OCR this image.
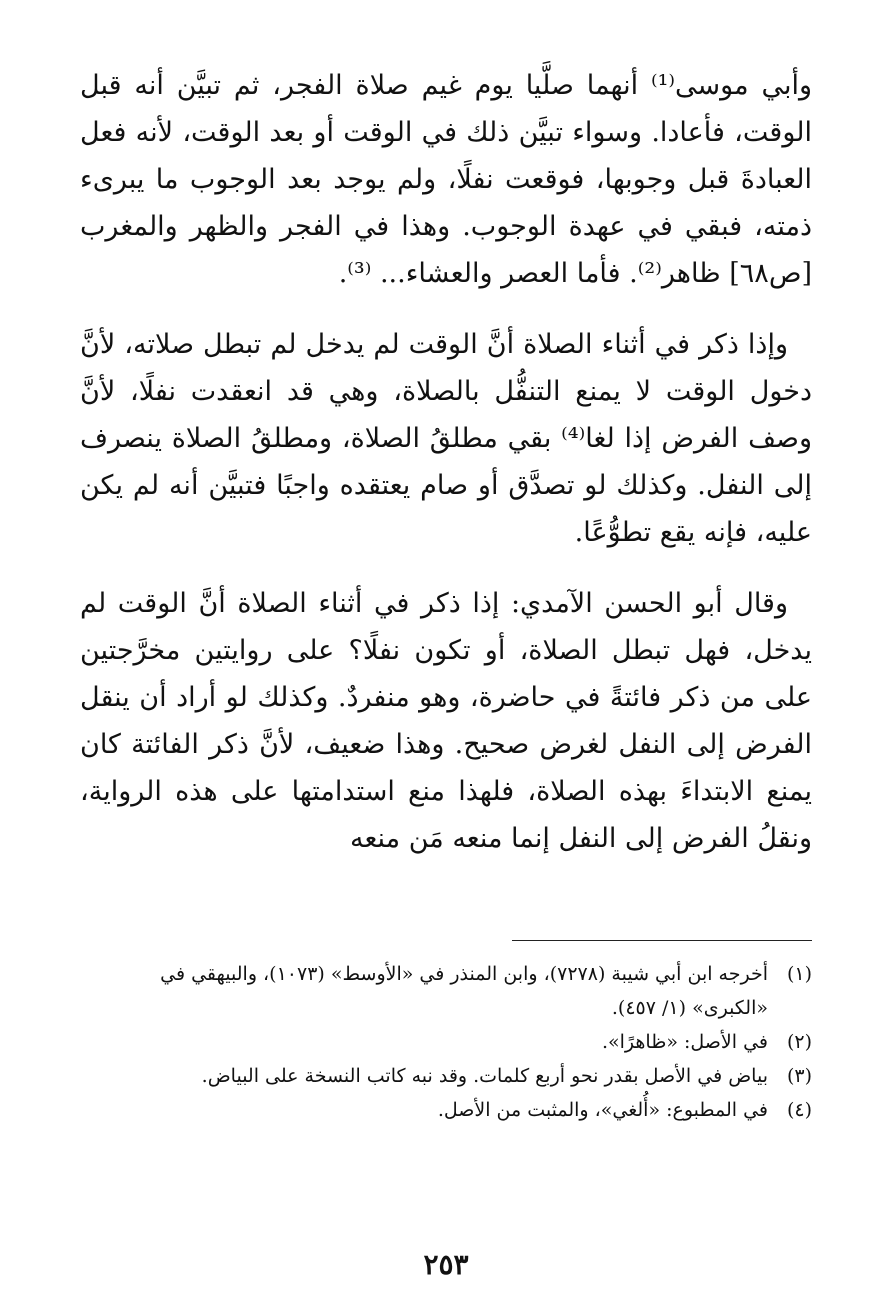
وأبي موسى⁽¹⁾ أنهما صلَّيا يوم غيم صلاة الفجر، ثم تبيَّن أنه قبل الوقت، فأعادا. وسواء تبيَّن ذلك في الوقت أو بعد الوقت، لأنه فعل العبادةَ قبل وجوبها، فوقعت نفلًا، ولم يوجد بعد الوجوب ما يبرىء ذمته، فبقي في عهدة الوجوب. وهذا في الفجر والظهر والمغرب [ص٦٨] ظاهر⁽²⁾. فأما العصر والعشاء... ⁽³⁾.

وإذا ذكر في أثناء الصلاة أنَّ الوقت لم يدخل لم تبطل صلاته، لأنَّ دخول الوقت لا يمنع التنفُّل بالصلاة، وهي قد انعقدت نفلًا، لأنَّ وصف الفرض إذا لغا⁽⁴⁾ بقي مطلقُ الصلاة، ومطلقُ الصلاة ينصرف إلى النفل. وكذلك لو تصدَّق أو صام يعتقده واجبًا فتبيَّن أنه لم يكن عليه، فإنه يقع تطوُّعًا.

وقال أبو الحسن الآمدي: إذا ذكر في أثناء الصلاة أنَّ الوقت لم يدخل، فهل تبطل الصلاة، أو تكون نفلًا؟ على روايتين مخرَّجتين على من ذكر فائتةً في حاضرة، وهو منفردٌ. وكذلك لو أراد أن ينقل الفرض إلى النفل لغرض صحيح. وهذا ضعيف، لأنَّ ذكر الفائتة كان يمنع الابتداءَ بهذه الصلاة، فلهذا منع استدامتها على هذه الرواية، ونقلُ الفرض إلى النفل إنما منعه مَن منعه

(١)
أخرجه ابن أبي شيبة (٧٢٧٨)، وابن المنذر في «الأوسط» (١٠٧٣)، والبيهقي في «الكبرى» (١/ ٤٥٧).
(٢)
في الأصل: «ظاهرًا».
(٣)
بياض في الأصل بقدر نحو أربع كلمات. وقد نبه كاتب النسخة على البياض.
(٤)
في المطبوع: «أُلغي»، والمثبت من الأصل.
٢٥٣
